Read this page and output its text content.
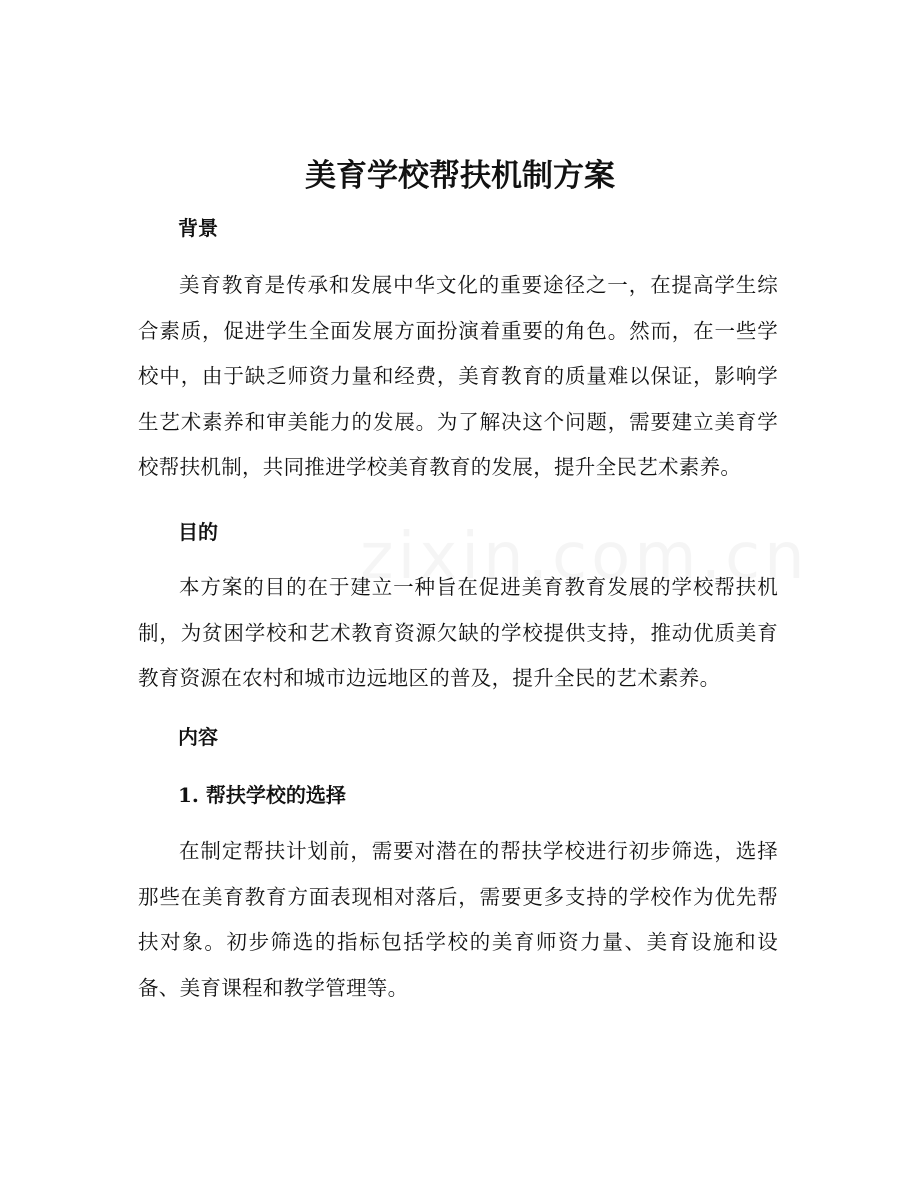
美育学校帮扶机制方案
背景

美育教育是传承和发展中华文化的重要途径之一，在提高学生综合素质，促进学生全面发展方面扮演着重要的角色。然而，在一些学校中，由于缺乏师资力量和经费，美育教育的质量难以保证，影响学生艺术素养和审美能力的发展。为了解决这个问题，需要建立美育学校帮扶机制，共同推进学校美育教育的发展，提升全民艺术素养。

目的

本方案的目的在于建立一种旨在促进美育教育发展的学校帮扶机制，为贫困学校和艺术教育资源欠缺的学校提供支持，推动优质美育教育资源在农村和城市边远地区的普及，提升全民的艺术素养。

内容
1. 帮扶学校的选择

在制定帮扶计划前，需要对潜在的帮扶学校进行初步筛选，选择那些在美育教育方面表现相对落后，需要更多支持的学校作为优先帮扶对象。初步筛选的指标包括学校的美育师资力量、美育设施和设备、美育课程和教学管理等。
